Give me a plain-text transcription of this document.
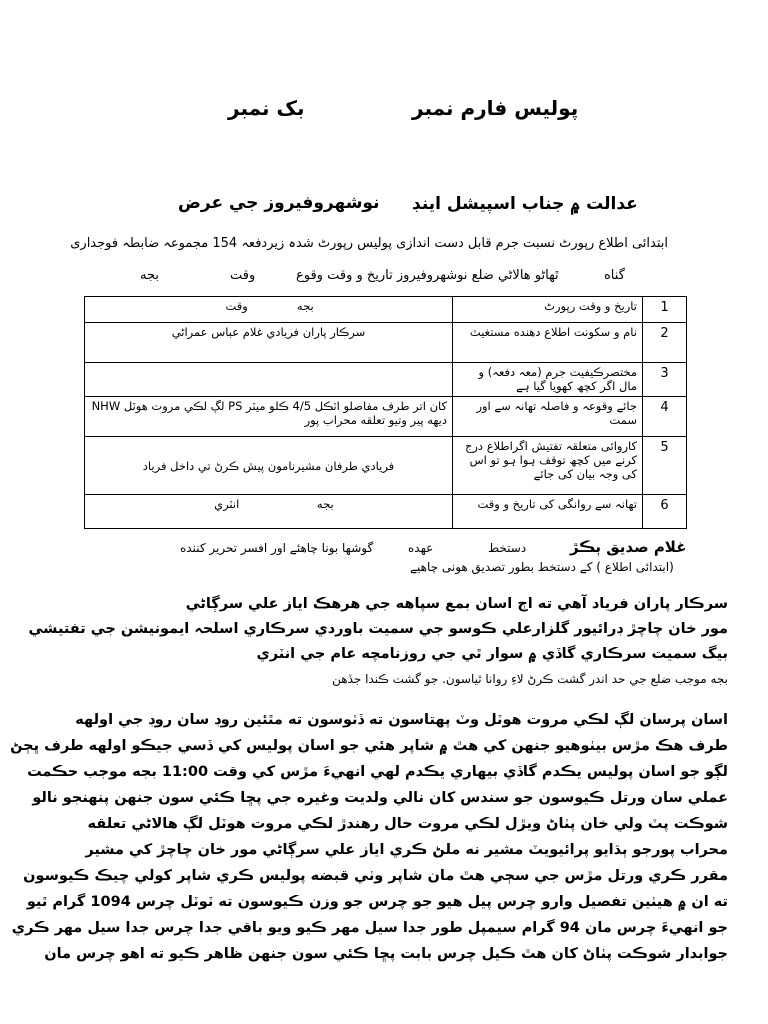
پوليس فارم نمبر
بک نمبر
عدالت ۾ جناب اسپيشل اينڊ
نوشهروفيروز جي عرض
ابتدائی اطلاع رپورٹ نسبت جرم قابل دست اندازی پولیس رپورٹ شدہ زیردفعہ 154 مجموعہ ضابطہ فوجداری
گناه
ٿهاڻو هالاڻي ضلع نوشهروفيروز تاريخ و وقت وقوع
وقت
بجه
وقت بجه	تاريخ و وقت رپورٹ	1
سرڪار پاران فريادي غلام عباس عمراڻي	نام و سکونت اطلاع دهنده مستغيث	2
	مختصرڪيفيت جرم (معہ دفعہ) و مال اگر کچھ کھویا گیا ہے	3
NHW لڳ لڪي مروت هوٽل PS کان اتر طرف مفاصلو اٽڪل 4/5 ڪلو ميٽر ديهه پير وتيو تعلقه محراب پور	جائے وقوعہ و فاصلہ تهانہ سے اور سمت	4
فريادي طرفان مشيرنامون پيش ڪرڻ تي داخل فرياد	کاروائی متعلقہ تفتیش اگراطلاع درج کرنے میں کچھ توقف ہوا ہو تو اس کی وجہ بیان کی جائے	5
انٽري بجه	تهانہ سے روانگی کی تاريخ و وقت	6
غلام صديق ٻڪڙ
دستخط
عهده
گوشها بونا چاهئے اور افسر تحرير کننده
(ابتدائی اطلاع ) کے دستخط بطور تصدیق هونی چاهیے
سرڪار پاران فرياد آهي ته اڄ اسان بمع سپاهه جي هرهڪ اياز علي سرڳاڻي
مور خان چاچڙ ڊرائيور گلزارعلي ڪوسو جي سميت باوردي سرڪاري اسلحہ ايمونيشن جي تفتيشي
بيگ سميت سرڪاري گاڏي ۾ سوار ٿي جي روزنامچه عام جي انٽري
بجه موجب ضلع جي حد اندر گشت ڪرڻ لاءِ روانا ٿياسون. جو گشت ڪندا جڏهن
اسان پرسان لڳ لڪي مروت هوٽل وٽ پهتاسون ته ڏٺوسون ته مٿئين روڊ سان روڊ جي اولهه
طرف هڪ مڙس بيٺوهيو جنهن کي هٿ ۾ شاپر هئي جو اسان پوليس کي ڏسي جيڪو اولهه طرف ڀڄڻ
لڳو جو اسان پوليس يڪدم گاڏي بيهاري يڪدم لهي انهيءَ مڙس کي وقت 11:00 بجه موجب حڪمت
عملي سان ورتل ڪيوسون جو سندس کان نالي ولديت وغيره جي پڇا ڪئي سون جنهن پنهنجو نالو
شوڪت پٽ ولي خان پٺاڻ ويڙل لڪي مروت حال رهندڙ لڪي مروت هوٽل لڳ هالاڻي تعلقه
محراب پورجو ٻڌايو پرائيويٽ مشير نه ملڻ ڪري اياز علي سرڳاڻي مور خان چاچڙ کي مشير
مقرر ڪري ورتل مڙس جي سڄي هٿ مان شاپر وٺي قبضه پوليس ڪري شاپر کولي چيڪ ڪيوسون
ته ان ۾ هيٺين تفصيل وارو چرس پيل هيو جو چرس جو وزن ڪيوسون ته ٽوٽل چرس 1094 گرام ٿيو
جو انهيءَ چرس مان 94 گرام سيمپل طور جدا سيل مهر ڪيو ويو باقي جدا چرس جدا سيل مهر ڪري
جوابدار شوڪت پٺاڻ کان هٿ ڪيل چرس بابت پڇا ڪئي سون جنهن ظاهر ڪيو ته اهو چرس مان
